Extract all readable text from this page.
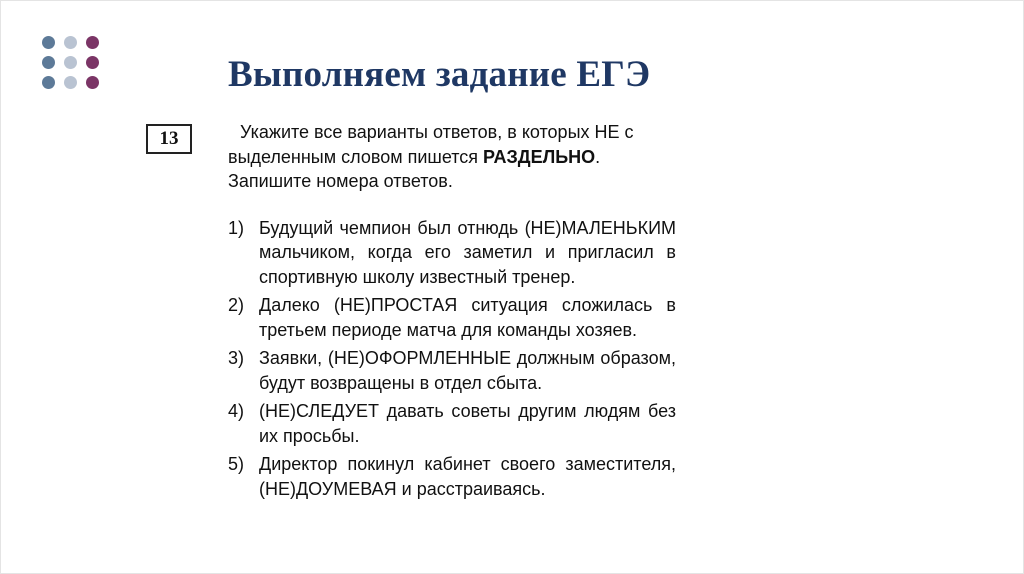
Выполняем задание ЕГЭ
13	Укажите все варианты ответов, в которых НЕ с выделенным словом пишется РАЗДЕЛЬНО. Запишите номера ответов.

1) Будущий чемпион был отнюдь (НЕ)МАЛЕНЬКИМ мальчиком, когда его заметил и пригласил в спортивную школу известный тренер.
2) Далеко (НЕ)ПРОСТАЯ ситуация сложилась в третьем периоде матча для команды хозяев.
3) Заявки, (НЕ)ОФОРМЛЕННЫЕ должным образом, будут возвращены в отдел сбыта.
4) (НЕ)СЛЕДУЕТ давать советы другим людям без их просьбы.
5) Директор покинул кабинет своего заместителя, (НЕ)ДОУМЕВАЯ и расстраиваясь.
